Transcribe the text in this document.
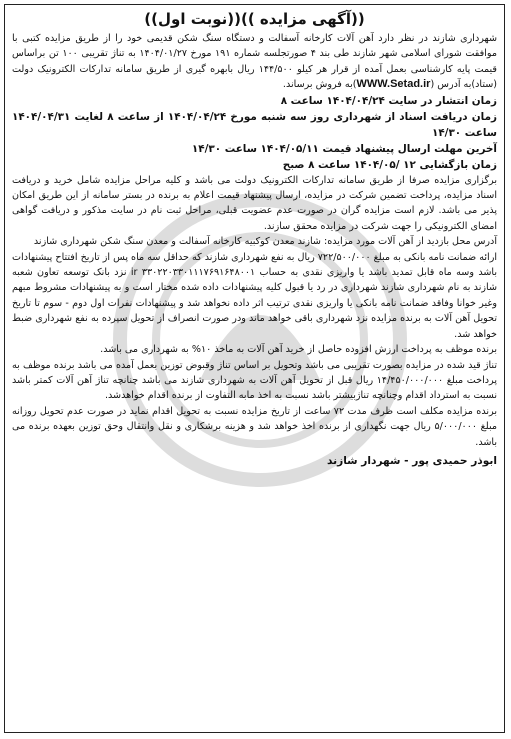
((آگهی مزایده ))((نوبت اول))

شهرداری شازند در نظر دارد آهن آلات کارخانه آسفالت و دستگاه سنگ شکن قدیمی خود را از طریق مزایده کتبی با موافقت شورای اسلامی شهر شازند طی بند ۴ صورتجلسه شماره ۱۹۱ مورخ ۱۴۰۴/۰۱/۲۷ به تناژ تقریبی ۱۰۰ تن براساس قیمت پایه کارشناسی بعمل آمده از قرار هر کیلو ۱۴۴/۵۰۰ ریال بابهره گیری از طریق سامانه تدارکات الکترونیک دولت (ستاد)به آدرس (WWW.Setad.ir)به فروش برساند.

زمان انتشار در سایت ۱۴۰۴/۰۴/۲۴ ساعت ۸

زمان دریافت اسناد از شهرداری روز سه شنبه مورخ ۱۴۰۴/۰۴/۲۴ از ساعت ۸ لغایت ۱۴۰۴/۰۴/۳۱ ساعت ۱۴/۳۰

آخرین مهلت ارسال پیشنهاد قیمت ۱۴۰۴/۰۵/۱۱ ساعت ۱۴/۳۰

زمان بازگشایی ۱۲ /۱۴۰۴/۰۵ ساعت ۸ صبح

برگزاری مزایده صرفا از طریق سامانه تدارکات الکترونیک دولت می باشد و کلیه مراحل مزایده شامل خرید و دریافت اسناد مزایده، پرداخت تضمین شرکت در مزایده، ارسال پیشنهاد قیمت اعلام به برنده در بستر سامانه از این طریق امکان پذیر می باشد. لازم است مزایده گران در صورت عدم عضویت قبلی، مراحل ثبت نام در سایت مذکور و دریافت گواهی امضای الکترونیکی را جهت شرکت در مزایده محقق سازند.

آدرس محل بازدید از آهن آلات مورد مزایده: شازند معدن کوکبیه کارخانه آسفالت و معدن سنگ شکن شهرداری شازند

ارائه ضمانت نامه بانکی به مبلغ ۷۲۲/۵۰۰/۰۰۰ ریال به نفع شهرداری شازند که حداقل سه ماه پس از تاریخ افتتاح پیشنهادات باشد وسه ماه قابل تمدید باشد یا واریزی نقدی به حساب ir ۳۳۰۲۲۰۳۳۰۱۱۱۷۶۹۱۶۴۸۰۰۱ نزد بانک توسعه تعاون شعبه شازند به نام شهرداری شازند شهرداری در رد یا قبول کلیه پیشنهادات داده شده مختار است و به پیشنهادات مشروط مبهم وغیر خوانا وفاقد ضمانت نامه بانکی یا واریزی نقدی ترتیب اثر داده نخواهد شد و پیشنهادات نفرات اول دوم - سوم تا تاریخ تحویل آهن آلات به برنده مزایده نزد شهرداری باقی خواهد ماند ودر صورت انصراف از تحویل سپرده به نفع شهرداری ضبط خواهد شد.

برنده موظف به پرداخت ارزش افزوده حاصل از خرید آهن آلات به ماخذ ۱۰% به شهرداری می باشد.

تناژ قید شده در مزایده بصورت تقریبی می باشد وتحویل بر اساس تناژ وقبوض توزین بعمل آمده می باشد برنده موظف به پرداخت مبلغ ۱۴/۴۵۰/۰۰۰/۰۰۰ ریال قبل از تحویل آهن آلات به شهرداری شازند می باشد چنانچه تناژ آهن آلات کمتر باشد نسبت به استرداد اقدام وچنانچه تناژبیشتر باشد نسبت به اخذ مابه التفاوت از برنده اقدام خواهدشد.

برنده مزایده مکلف است ظرف مدت ۷۲ ساعت از تاریخ مزایده نسبت به تحویل اقدام نماید در صورت عدم تحویل روزانه مبلغ ۵/۰۰۰/۰۰۰ ریال جهت نگهداری از برنده اخذ خواهد شد و هزینه برشکاری و نقل وانتقال وحق توزین بعهده برنده می باشد.

ابوذر حمیدی پور - شهردار شازند
